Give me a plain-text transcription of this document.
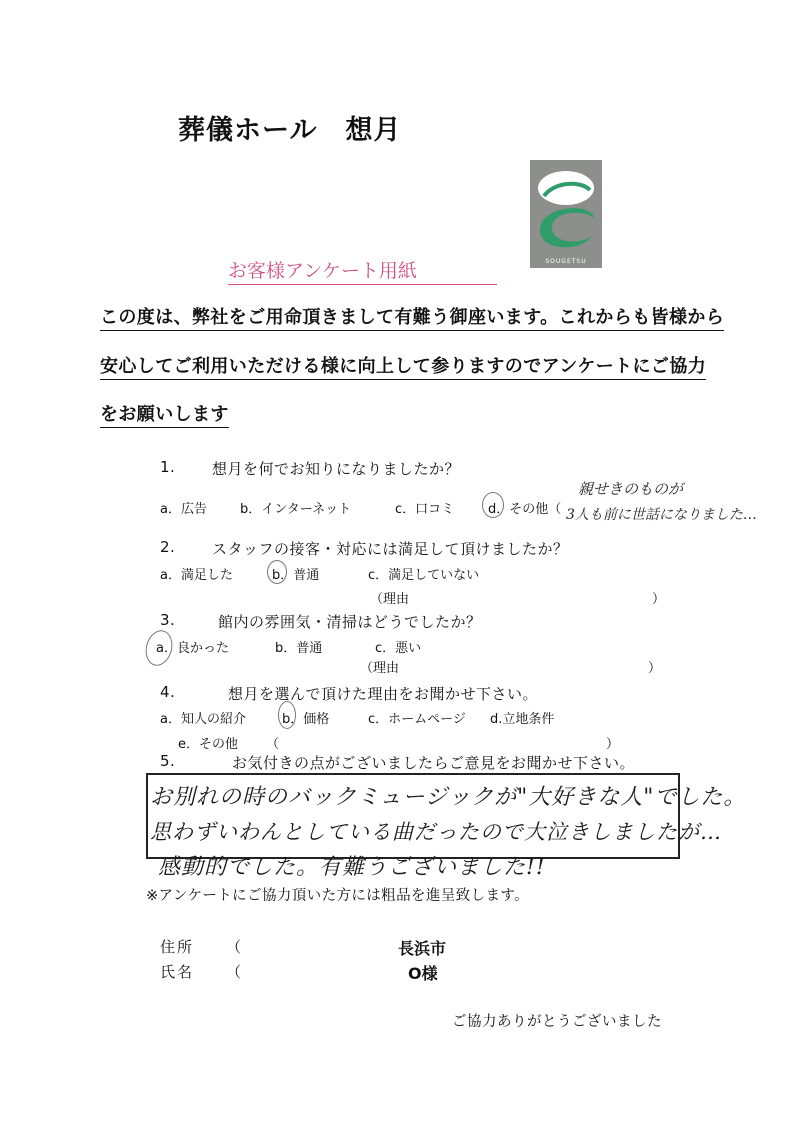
葬儀ホール　想月
SOUGETSU
お客様アンケート用紙
この度は、弊社をご用命頂きまして有難う御座います。これからも皆様から
安心してご利用いただける様に向上して参りますのでアンケートにご協力
をお願いします
1. 想月を何でお知りになりましたか？
a．広告	b．インターネット	c．口コミ	d．その他（
親せきのものが
3人も前に世話になりました…
2. スタッフの接客・対応には満足して頂けましたか？
a．満足した	b．普通	c．満足していない
（理由	）
3.	館内の雰囲気・清掃はどうでしたか？
a．良かった	b．普通	c．悪い
（理由	）
4.	想月を選んで頂けた理由をお聞かせ下さい。
a．知人の紹介	b．価格	c．ホームページ d.立地条件
e．その他 （	）
5.	お気付きの点がございましたらご意見をお聞かせ下さい。
お別れの時のバックミュージックが"大好きな人"でした。
思わずいわんとしている曲だったので大泣きしましたが…
感動的でした。有難うございました!!
※アンケートにご協力頂いた方には粗品を進呈致します。
住所 （	長浜市
氏名 （	O様
ご協力ありがとうございました
